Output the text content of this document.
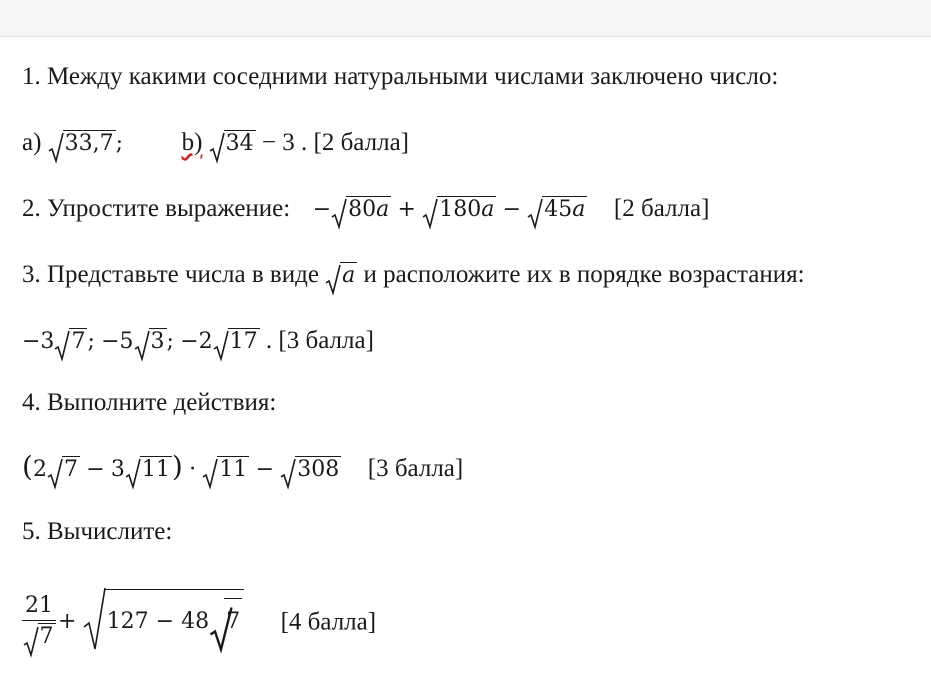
1. Между какими соседними натуральными числами заключено число:
а) 33,7; b) 34 − 3 . [2 балла]
2. Упростите выражение: − 80a + 180a − 45a [2 балла]
3. Представьте числа в виде a и расположите их в порядке возрастания:
−3 7; −5 3; −2 17 . [3 балла]
4. Выполните действия:
(2 7 − 3 11) · 11 − 308 [3 балла]
5. Вычислите:
$\frac{21}{7} + 127 - 48$ 7 [4 балла]
